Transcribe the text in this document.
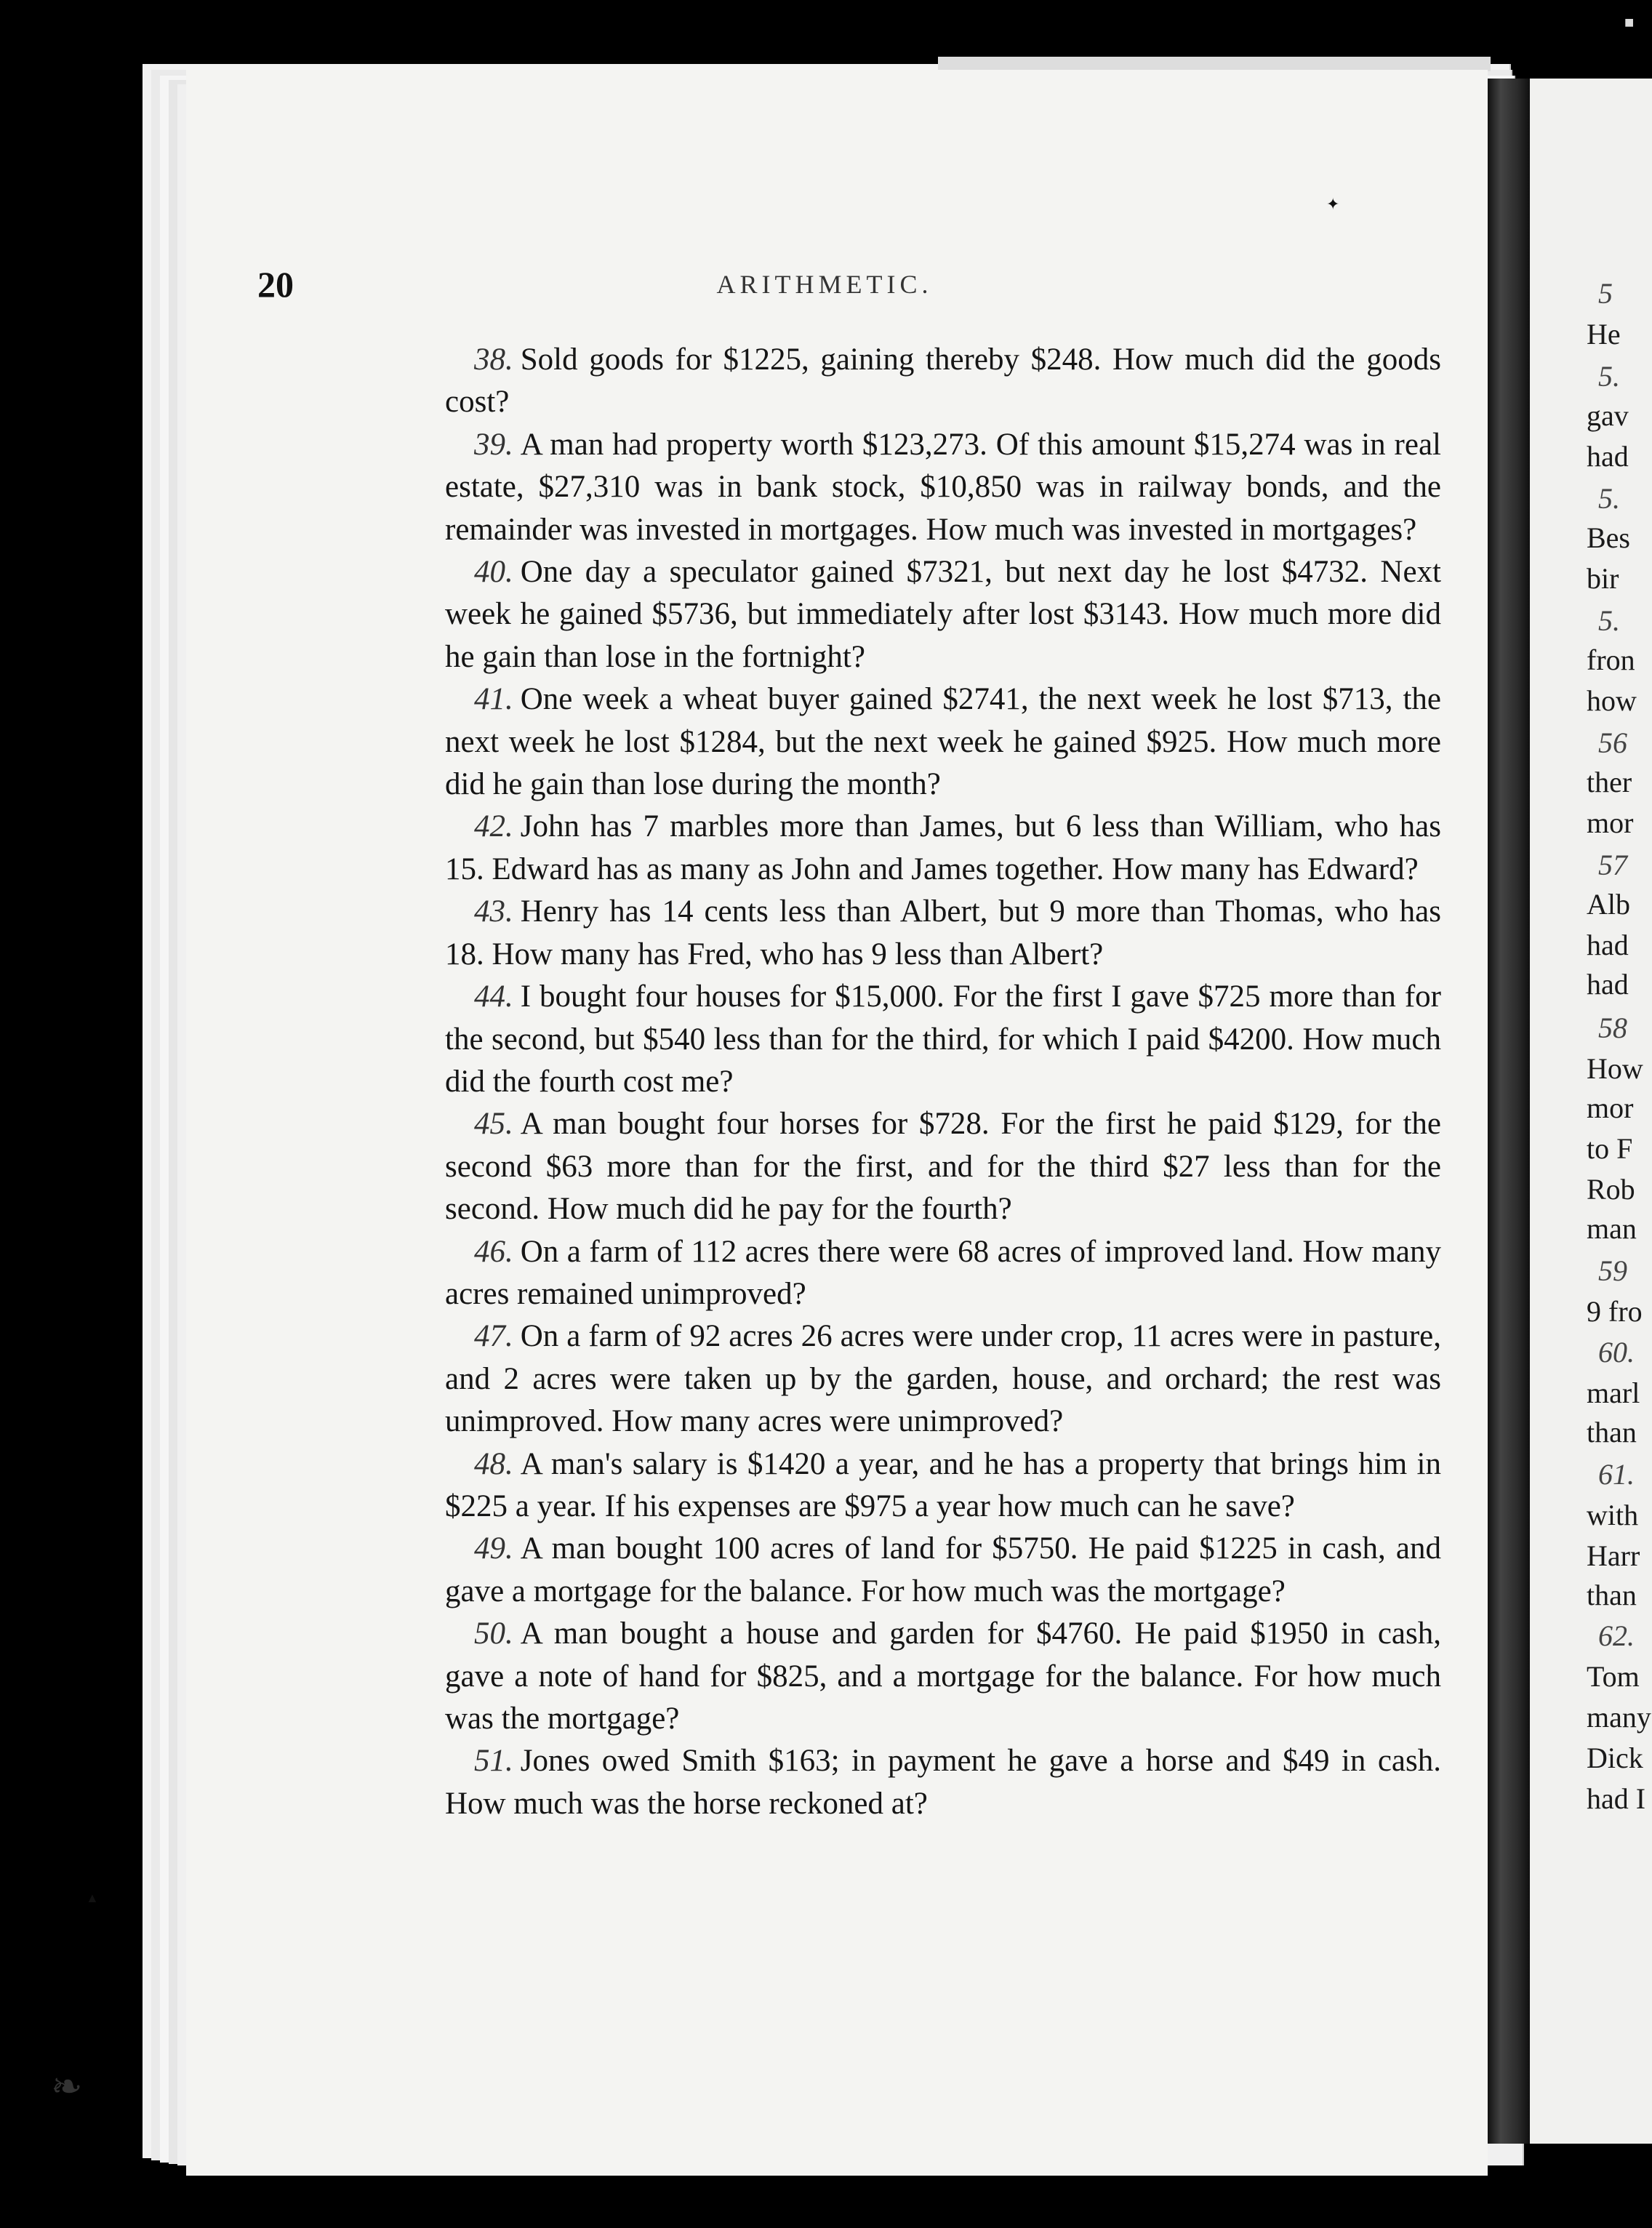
20	ARITHMETIC.

38. Sold goods for $1225, gaining thereby $248. How much did the goods cost?

39. A man had property worth $123,273. Of this amount $15,274 was in real estate, $27,310 was in bank stock, $10,850 was in railway bonds, and the remainder was invested in mortgages. How much was invested in mortgages?

40. One day a speculator gained $7321, but next day he lost $4732. Next week he gained $5736, but immediately after lost $3143. How much more did he gain than lose in the fortnight?

41. One week a wheat buyer gained $2741, the next week he lost $713, the next week he lost $1284, but the next week he gained $925. How much more did he gain than lose during the month?

42. John has 7 marbles more than James, but 6 less than William, who has 15. Edward has as many as John and James together. How many has Edward?

43. Henry has 14 cents less than Albert, but 9 more than Thomas, who has 18. How many has Fred, who has 9 less than Albert?

44. I bought four houses for $15,000. For the first I gave $725 more than for the second, but $540 less than for the third, for which I paid $4200. How much did the fourth cost me?

45. A man bought four horses for $728. For the first he paid $129, for the second $63 more than for the first, and for the third $27 less than for the second. How much did he pay for the fourth?

46. On a farm of 112 acres there were 68 acres of improved land. How many acres remained unimproved?

47. On a farm of 92 acres 26 acres were under crop, 11 acres were in pasture, and 2 acres were taken up by the garden, house, and orchard; the rest was unimproved. How many acres were unimproved?

48. A man's salary is $1420 a year, and he has a property that brings him in $225 a year. If his expenses are $975 a year how much can he save?

49. A man bought 100 acres of land for $5750. He paid $1225 in cash, and gave a mortgage for the balance. For how much was the mortgage?

50. A man bought a house and garden for $4760. He paid $1950 in cash, gave a note of hand for $825, and a mortgage for the balance. For how much was the mortgage?

51. Jones owed Smith $163; in payment he gave a horse and $49 in cash. How much was the horse reckoned at?

5
He
5.
gav
had
5.
Bes
bir
5.
fron
how
56
ther
mor
57
Alb
had
had
58
How
mor
to F
Rob
man
59
9 fro
60.
marl
than
61.
with
Harr
than
62.
Tom
many
Dick
had I
✦
▲
❧
■
